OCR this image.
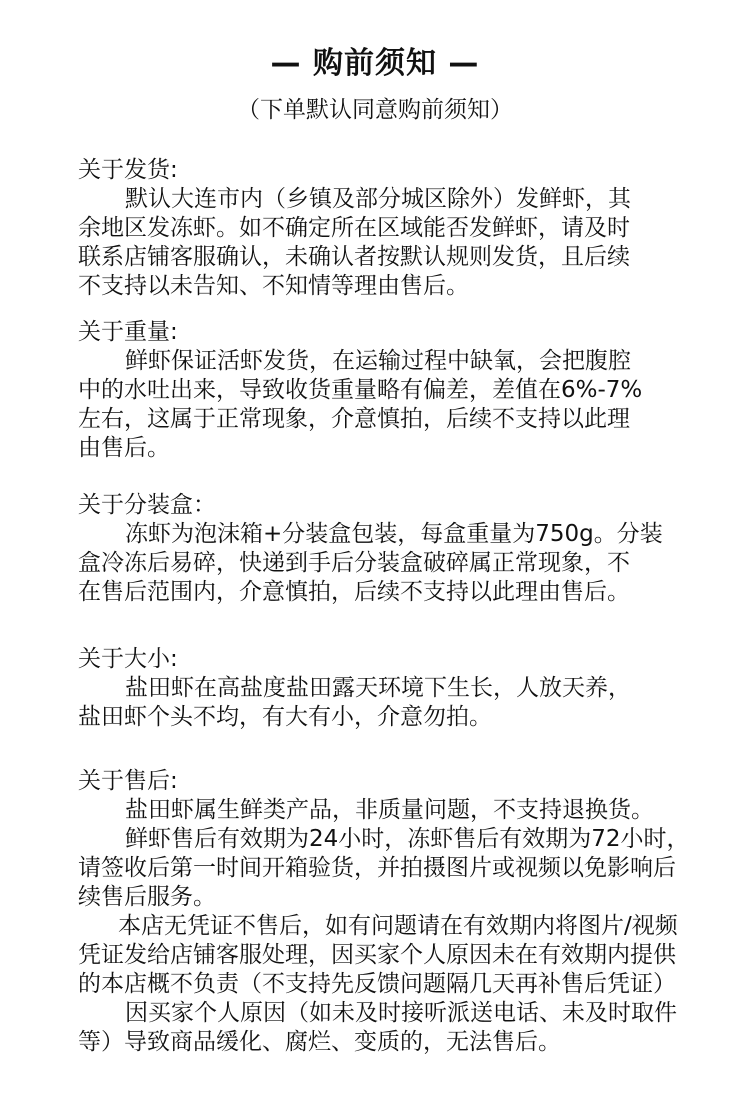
— 购前须知 —
（下单默认同意购前须知）
关于发货:
默认大连市内（乡镇及部分城区除外）发鲜虾，其
余地区发冻虾。如不确定所在区域能否发鲜虾，请及时
联系店铺客服确认，未确认者按默认规则发货，且后续
不支持以未告知、不知情等理由售后。
关于重量:
鲜虾保证活虾发货，在运输过程中缺氧，会把腹腔
中的水吐出来，导致收货重量略有偏差，差值在6%-7%
左右，这属于正常现象，介意慎拍，后续不支持以此理
由售后。
关于分装盒：
冻虾为泡沫箱+分装盒包装，每盒重量为750g。分装
盒冷冻后易碎，快递到手后分装盒破碎属正常现象，不
在售后范围内，介意慎拍，后续不支持以此理由售后。
关于大小:
盐田虾在高盐度盐田露天环境下生长，人放天养，
盐田虾个头不均，有大有小，介意勿拍。
关于售后:
盐田虾属生鲜类产品，非质量问题，不支持退换货。
鲜虾售后有效期为24小时，冻虾售后有效期为72小时，
请签收后第一时间开箱验货，并拍摄图片或视频以免影响后
续售后服务。
本店无凭证不售后，如有问题请在有效期内将图片/视频
凭证发给店铺客服处理，因买家个人原因未在有效期内提供
的本店概不负责（不支持先反馈问题隔几天再补售后凭证）
因买家个人原因（如未及时接听派送电话、未及时取件
等）导致商品缓化、腐烂、变质的，无法售后。
